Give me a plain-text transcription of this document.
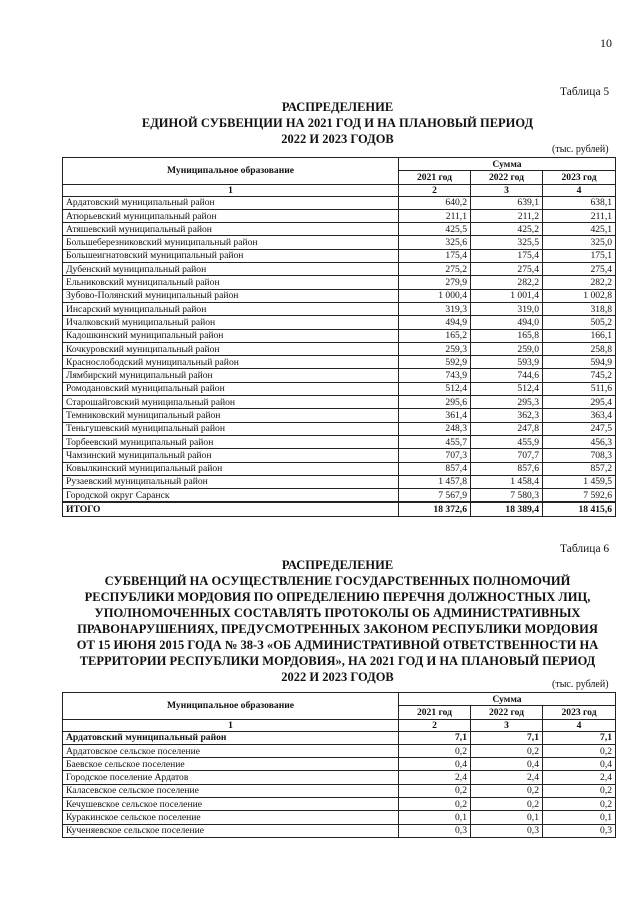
10
Таблица 5
РАСПРЕДЕЛЕНИЕ
ЕДИНОЙ СУБВЕНЦИИ НА 2021 ГОД И НА ПЛАНОВЫЙ ПЕРИОД
2022 И 2023 ГОДОВ
(тыс. рублей)
Муниципальное образование	Сумма		
	2021 год	2022 год	2023 год
1	2	3	4
Ардатовский муниципальный район	640,2	639,1	638,1
Атюрьевский муниципальный район	211,1	211,2	211,1
Атяшевский муниципальный район	425,5	425,2	425,1
Большеберезниковский муниципальный район	325,6	325,5	325,0
Большеигнатовский муниципальный район	175,4	175,4	175,1
Дубенский муниципальный район	275,2	275,4	275,4
Ельниковский муниципальный район	279,9	282,2	282,2
Зубово-Полянский муниципальный район	1 000,4	1 001,4	1 002,8
Инсарский муниципальный район	319,3	319,0	318,8
Ичалковский муниципальный район	494,9	494,0	505,2
Кадошкинский муниципальный район	165,2	165,8	166,1
Кочкуровский муниципальный район	259,3	259,0	258,8
Краснослободский муниципальный район	592,9	593,9	594,9
Лямбирский муниципальный район	743,9	744,6	745,2
Ромодановский муниципальный район	512,4	512,4	511,6
Старошайговский муниципальный район	295,6	295,3	295,4
Темниковский муниципальный район	361,4	362,3	363,4
Теньгушевский муниципальный район	248,3	247,8	247,5
Торбеевский муниципальный район	455,7	455,9	456,3
Чамзинский муниципальный район	707,3	707,7	708,3
Ковылкинский муниципальный район	857,4	857,6	857,2
Рузаевский муниципальный район	1 457,8	1 458,4	1 459,5
Городской округ Саранск	7 567,9	7 580,3	7 592,6
ИТОГО	18 372,6	18 389,4	18 415,6
Таблица 6
РАСПРЕДЕЛЕНИЕ
СУБВЕНЦИЙ НА ОСУЩЕСТВЛЕНИЕ ГОСУДАРСТВЕННЫХ ПОЛНОМОЧИЙ
РЕСПУБЛИКИ МОРДОВИЯ ПО ОПРЕДЕЛЕНИЮ ПЕРЕЧНЯ ДОЛЖНОСТНЫХ ЛИЦ,
УПОЛНОМОЧЕННЫХ СОСТАВЛЯТЬ ПРОТОКОЛЫ ОБ АДМИНИСТРАТИВНЫХ
ПРАВОНАРУШЕНИЯХ, ПРЕДУСМОТРЕННЫХ ЗАКОНОМ РЕСПУБЛИКИ МОРДОВИЯ
ОТ 15 ИЮНЯ 2015 ГОДА № 38-З «ОБ АДМИНИСТРАТИВНОЙ ОТВЕТСТВЕННОСТИ НА
ТЕРРИТОРИИ РЕСПУБЛИКИ МОРДОВИЯ», НА 2021 ГОД И НА ПЛАНОВЫЙ ПЕРИОД
2022 И 2023 ГОДОВ
(тыс. рублей)
Муниципальное образование	Сумма		
	2021 год	2022 год	2023 год
1	2	3	4
Ардатовский муниципальный район	7,1	7,1	7,1
Ардатовское сельское поселение	0,2	0,2	0,2
Баевское сельское поселение	0,4	0,4	0,4
Городское поселение Ардатов	2,4	2,4	2,4
Каласевское сельское поселение	0,2	0,2	0,2
Кечушевское сельское поселение	0,2	0,2	0,2
Куракинское сельское поселение	0,1	0,1	0,1
Кученяевское сельское поселение	0,3	0,3	0,3
